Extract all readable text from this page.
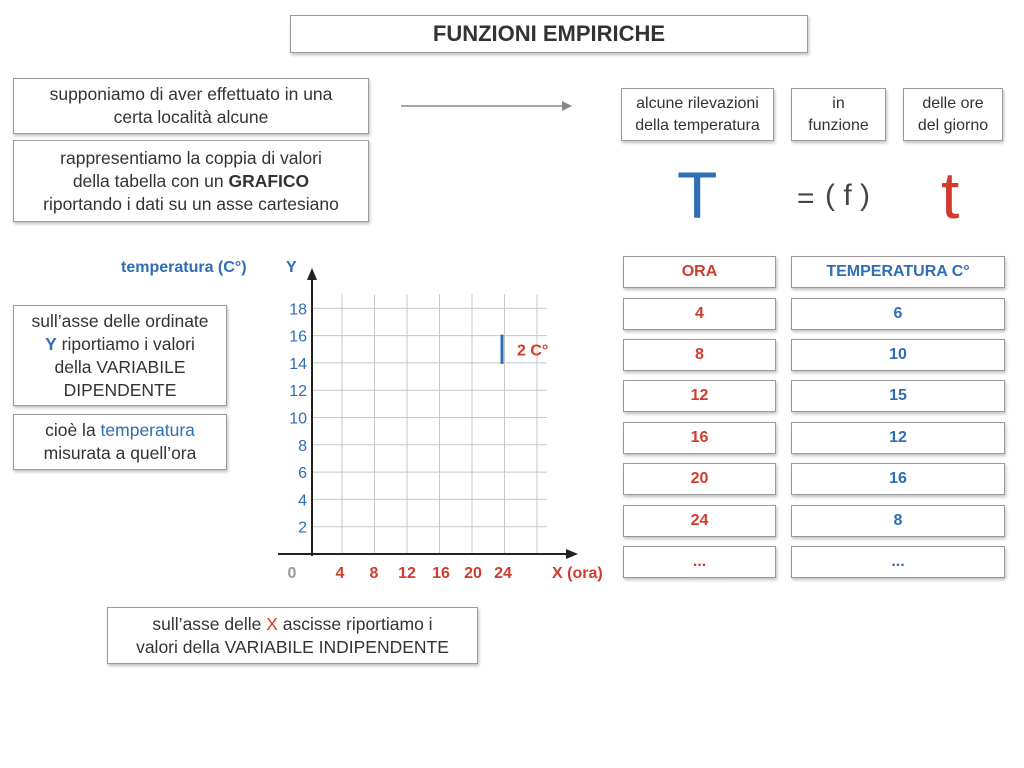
FUNZIONI EMPIRICHE
supponiamo di aver effettuato in una
certa località alcune
rappresentiamo la coppia di valori
della tabella con un GRAFICO
riportando i dati su un asse cartesiano
alcune rilevazioni
della temperatura
in
funzione
delle ore
del giorno
T	= ( f ) t
2
4
6
8
10
12
14
16
18
4 8 12 16 20 24
0	X (ora)
Y
temperatura (C°)
2 C°
sull’asse delle ordinate
Y riportiamo i valori
della VARIABILE
DIPENDENTE
cioè la temperatura
misurata a quell’ora
sull’asse delle X ascisse riportiamo i
valori della VARIABILE INDIPENDENTE
ORA	TEMPERATURA C°
4	6
8	10
12	15
16	12
20	16
24	8
...	...
